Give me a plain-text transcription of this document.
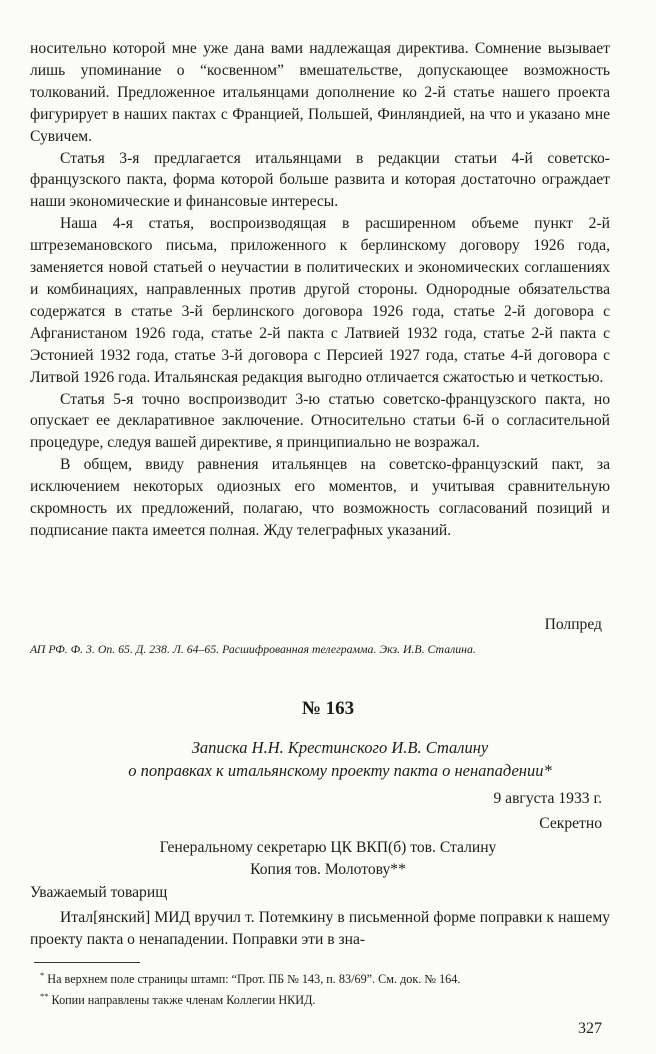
носительно которой мне уже дана вами надлежащая директива. Сомнение вызывает лишь упоминание о “косвенном” вмешательстве, допускающее возможность толкований. Предложенное итальянцами дополнение ко 2-й статье нашего проекта фигурирует в наших пактах с Францией, Польшей, Финляндией, на что и указано мне Сувичем.

Статья 3-я предлагается итальянцами в редакции статьи 4-й советско-французского пакта, форма которой больше развита и которая достаточно ограждает наши экономические и финансовые интересы.

Наша 4-я статья, воспроизводящая в расширенном объеме пункт 2-й штреземановского письма, приложенного к берлинскому договору 1926 года, заменяется новой статьей о неучастии в политических и экономических соглашениях и комбинациях, направленных против другой стороны. Однородные обязательства содержатся в статье 3-й берлинского договора 1926 года, статье 2-й договора с Афганистаном 1926 года, статье 2-й пакта с Латвией 1932 года, статье 2-й пакта с Эстонией 1932 года, статье 3-й договора с Персией 1927 года, статье 4-й договора с Литвой 1926 года. Итальянская редакция выгодно отличается сжатостью и четкостью.

Статья 5-я точно воспроизводит 3-ю статью советско-французского пакта, но опускает ее декларативное заключение. Относительно статьи 6-й о согласительной процедуре, следуя вашей директиве, я принципиально не возражал.

В общем, ввиду равнения итальянцев на советско-французский пакт, за исключением некоторых одиозных его моментов, и учитывая сравнительную скромность их предложений, полагаю, что возможность согласований позиций и подписание пакта имеется полная. Жду телеграфных указаний.

Полпред
АП РФ. Ф. 3. Оп. 65. Д. 238. Л. 64–65. Расшифрованная телеграмма. Экз. И.В. Сталина.
№ 163
Записка Н.Н. Крестинского И.В. Сталину
о поправках к итальянскому проекту пакта о ненападении*
9 августа 1933 г.
Секретно
Генеральному секретарю ЦК ВКП(б) тов. Сталину
Копия тов. Молотову**
Уважаемый товарищ

Итал[янский] МИД вручил т. Потемкину в письменной форме поправки к нашему проекту пакта о ненападении. Поправки эти в зна-

* На верхнем поле страницы штамп: “Прот. ПБ № 143, п. 83/69”. См. док. № 164.

** Копии направлены также членам Коллегии НКИД.

327
